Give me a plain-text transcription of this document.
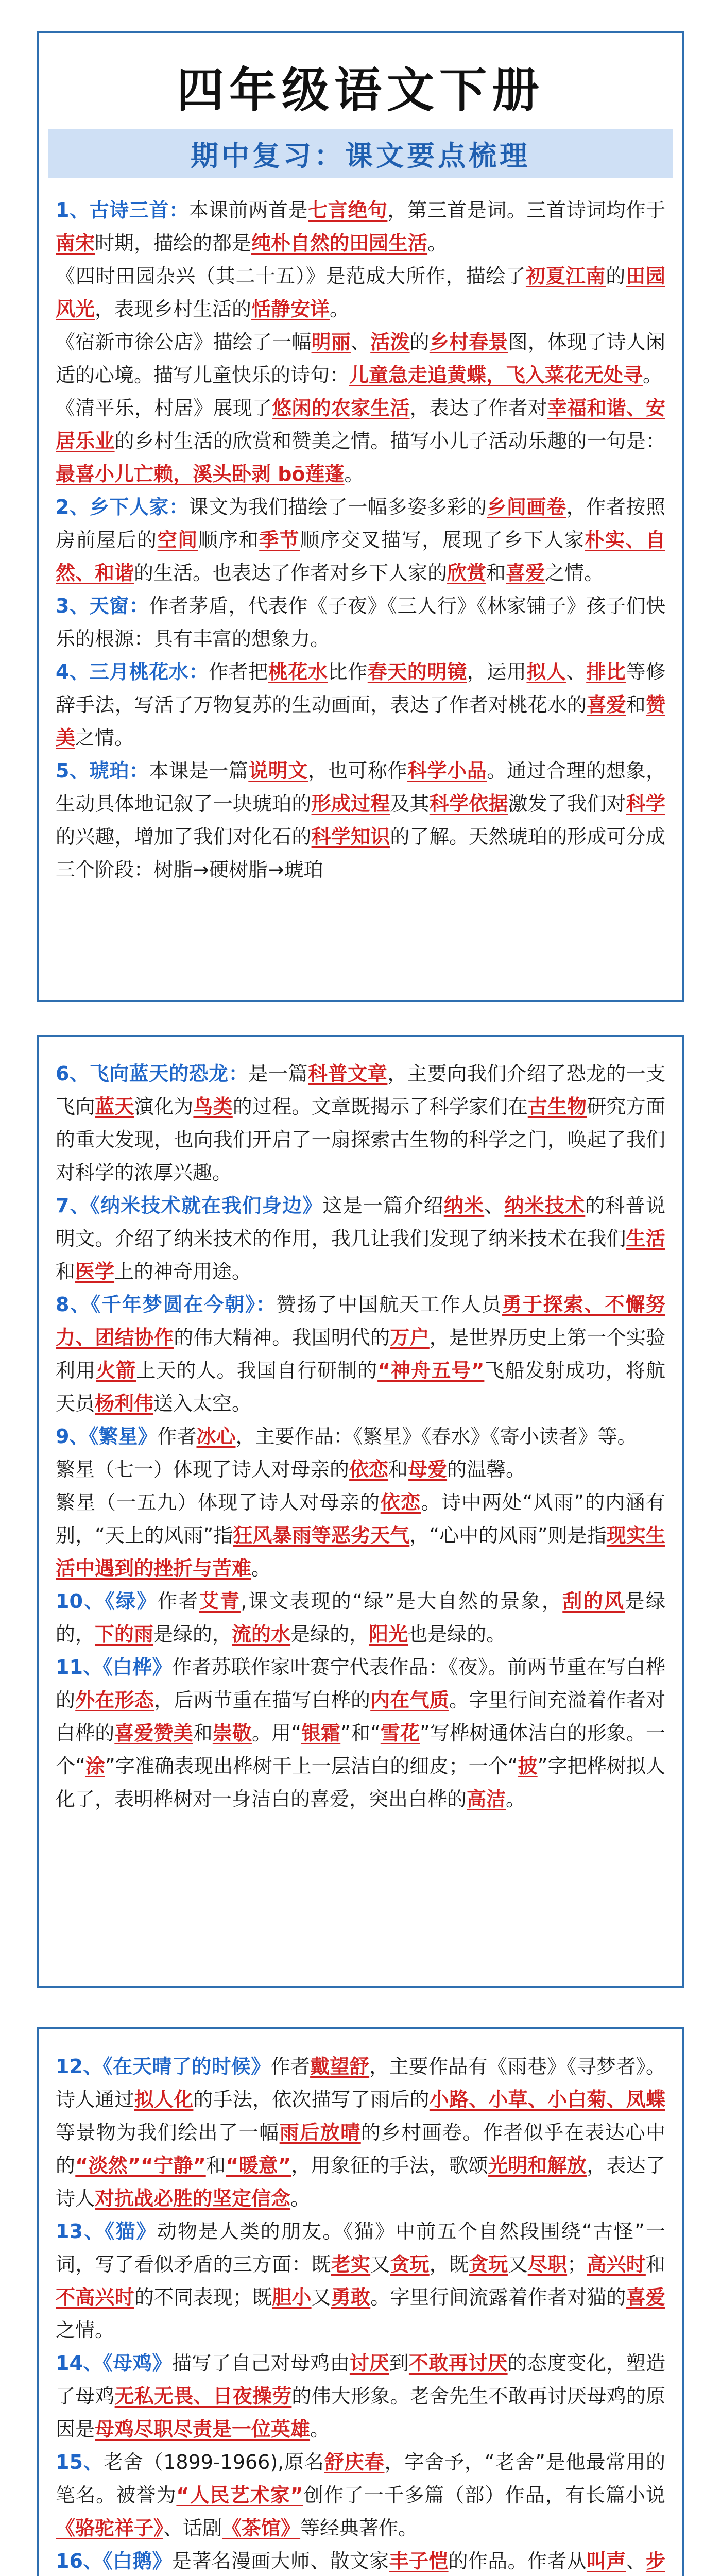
四年级语文下册
期中复习：课文要点梳理

1、古诗三首：本课前两首是七言绝句，第三首是词。三首诗词均作于南宋时期，描绘的都是纯朴自然的田园生活。

《四时田园杂兴（其二十五）》是范成大所作，描绘了初夏江南的田园风光，表现乡村生活的恬静安详。

《宿新市徐公店》描绘了一幅明丽、活泼的乡村春景图，体现了诗人闲适的心境。描写儿童快乐的诗句：儿童急走追黄蝶，飞入菜花无处寻。

《清平乐，村居》展现了悠闲的农家生活，表达了作者对幸福和谐、安居乐业的乡村生活的欣赏和赞美之情。描写小儿子活动乐趣的一句是：最喜小儿亡赖，溪头卧剥 bō莲蓬。

2、乡下人家：课文为我们描绘了一幅多姿多彩的乡间画卷，作者按照房前屋后的空间顺序和季节顺序交叉描写，展现了乡下人家朴实、自然、和谐的生活。也表达了作者对乡下人家的欣赏和喜爱之情。

3、天窗：作者茅盾，代表作《子夜》《三人行》《林家铺子》孩子们快乐的根源：具有丰富的想象力。

4、三月桃花水：作者把桃花水比作春天的明镜，运用拟人、排比等修辞手法，写活了万物复苏的生动画面，表达了作者对桃花水的喜爱和赞美之情。

5、琥珀：本课是一篇说明文，也可称作科学小品。通过合理的想象，生动具体地记叙了一块琥珀的形成过程及其科学依据激发了我们对科学的兴趣，增加了我们对化石的科学知识的了解。天然琥珀的形成可分成三个阶段：树脂→硬树脂→琥珀

6、飞向蓝天的恐龙：是一篇科普文章，主要向我们介绍了恐龙的一支飞向蓝天演化为鸟类的过程。文章既揭示了科学家们在古生物研究方面的重大发现，也向我们开启了一扇探索古生物的科学之门，唤起了我们对科学的浓厚兴趣。

7、《纳米技术就在我们身边》这是一篇介绍纳米、纳米技术的科普说明文。介绍了纳米技术的作用，我几让我们发现了纳米技术在我们生活和医学上的神奇用途。

8、《千年梦圆在今朝》：赞扬了中国航天工作人员勇于探索、不懈努力、团结协作的伟大精神。我国明代的万户，是世界历史上第一个实验利用火箭上天的人。我国自行研制的“神舟五号”飞船发射成功，将航天员杨利伟送入太空。

9、《繁星》作者冰心，主要作品：《繁星》《春水》《寄小读者》等。

繁星（七一）体现了诗人对母亲的依恋和母爱的温馨。

繁星（一五九）体现了诗人对母亲的依恋。诗中两处“风雨”的内涵有别，“天上的风雨”指狂风暴雨等恶劣天气，“心中的风雨”则是指现实生活中遇到的挫折与苦难。

10、《绿》作者艾青,课文表现的“绿”是大自然的景象，刮的风是绿的，下的雨是绿的，流的水是绿的，阳光也是绿的。

11、《白桦》作者苏联作家叶赛宁代表作品：《夜》。前两节重在写白桦的外在形态，后两节重在描写白桦的内在气质。字里行间充溢着作者对白桦的喜爱赞美和崇敬。用“银霜”和“雪花”写桦树通体洁白的形象。一个“涂”字准确表现出桦树干上一层洁白的细皮；一个“披”字把桦树拟人化了，表明桦树对一身洁白的喜爱，突出白桦的高洁。

12、《在天晴了的时候》作者戴望舒，主要作品有《雨巷》《寻梦者》。诗人通过拟人化的手法，依次描写了雨后的小路、小草、小白菊、凤蝶等景物为我们绘出了一幅雨后放晴的乡村画卷。作者似乎在表达心中的“淡然”“宁静”和“暖意”，用象征的手法，歌颂光明和解放，表达了诗人对抗战必胜的坚定信念。

13、《猫》动物是人类的朋友。《猫》中前五个自然段围绕“古怪”一词，写了看似矛盾的三方面：既老实又贪玩，既贪玩又尽职；高兴时和不高兴时的不同表现；既胆小又勇敢。字里行间流露着作者对猫的喜爱之情。

14、《母鸡》描写了自己对母鸡由讨厌到不敢再讨厌的态度变化，塑造了母鸡无私无畏、日夜操劳的伟大形象。老舍先生不敢再讨厌母鸡的原因是母鸡尽职尽责是一位英雄。

15、老舍（1899-1966),原名舒庆春，字舍予，“老舍”是他最常用的笔名。被誉为“人民艺术家”创作了一千多篇（部）作品，有长篇小说《骆驼祥子》、话剧《茶馆》等经典著作。

16、《白鹅》是著名漫画大师、散文家丰子恺的作品。作者从叫声、步
